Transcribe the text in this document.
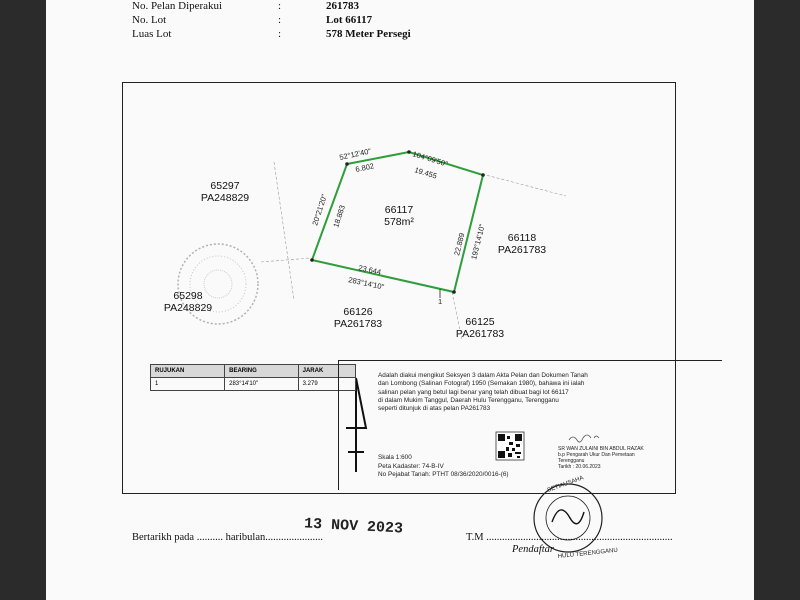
No. Pelan Diperakui	:	261783
No. Lot	:	Lot 66117
Luas Lot	:	578 Meter Persegi
104°09'50"
19.455
52°12'40"
6.802
20°21'20" 18.883
23.644
283°14'10"
22.889 193°14'10"
1
SETIAUSAHA
HULU TERENGGANU
66117
578m²
65297
PA248829
65298
PA248829
66118
PA261783
66126
PA261783	66125
PA261783
RUJUKAN	BEARING	JARAK
1	283°14'10"	3.279
Adalah diakui mengikut Seksyen 3 dalam Akta Pelan dan Dokumen Tanah
dan Lombong (Salinan Fotograf) 1950 (Semakan 1980), bahawa ini ialah
salinan pelan yang betul lagi benar yang telah dibuat bagi lot 66117
di dalam Mukim Tanggul, Daerah Hulu Terengganu, Terengganu
seperti ditunjuk di atas pelan PA261783
Skala 1:600
Peta Kadaster: 74-B-IV
No Pejabat Tanah: PTHT 08/36/2020/0016-(6)
SR WAN ZULAINI BIN ABDUL RAZAK
b.p Pengarah Ukur Dan Pemetaan
Terengganu
Tarikh : 20.06.2023
Bertarikh pada .......... haribulan......................
13 NOV 2023	T.M .......................................................................
Pendaftar
